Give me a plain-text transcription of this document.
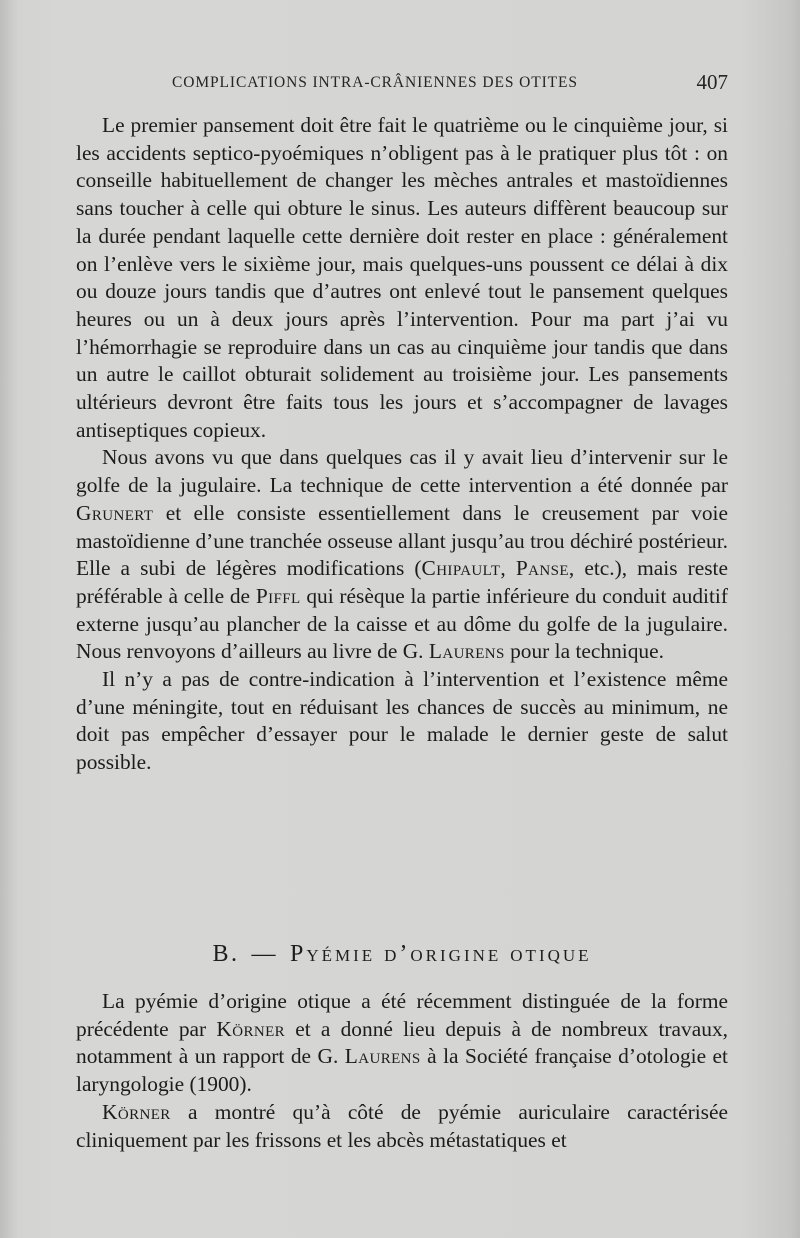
COMPLICATIONS INTRA-CRÂNIENNES DES OTITES	407

Le premier pansement doit être fait le quatrième ou le cinquième jour, si les accidents septico-pyoémiques n’obligent pas à le pratiquer plus tôt : on conseille habituellement de changer les mèches antrales et mastoïdiennes sans toucher à celle qui obture le sinus. Les auteurs diffèrent beaucoup sur la durée pendant laquelle cette dernière doit rester en place : généralement on l’enlève vers le sixième jour, mais quelques-uns poussent ce délai à dix ou douze jours tandis que d’autres ont enlevé tout le pansement quelques heures ou un à deux jours après l’intervention. Pour ma part j’ai vu l’hémorrhagie se reproduire dans un cas au cinquième jour tandis que dans un autre le caillot obturait solidement au troisième jour. Les pansements ultérieurs devront être faits tous les jours et s’accompagner de lavages antiseptiques copieux.

Nous avons vu que dans quelques cas il y avait lieu d’intervenir sur le golfe de la jugulaire. La technique de cette intervention a été donnée par Grunert et elle consiste essentiellement dans le creusement par voie mastoïdienne d’une tranchée osseuse allant jusqu’au trou déchiré postérieur. Elle a subi de légères modifications (Chipault, Panse, etc.), mais reste préférable à celle de Piffl qui résèque la partie inférieure du conduit auditif externe jusqu’au plancher de la caisse et au dôme du golfe de la jugulaire. Nous renvoyons d’ailleurs au livre de G. Laurens pour la technique.

Il n’y a pas de contre-indication à l’intervention et l’existence même d’une méningite, tout en réduisant les chances de succès au minimum, ne doit pas empêcher d’essayer pour le malade le dernier geste de salut possible.

B. — Pyémie d’origine otique

La pyémie d’origine otique a été récemment distinguée de la forme précédente par Körner et a donné lieu depuis à de nombreux travaux, notamment à un rapport de G. Laurens à la Société française d’otologie et laryngologie (1900).

Körner a montré qu’à côté de pyémie auriculaire caractérisée cliniquement par les frissons et les abcès métastatiques et
